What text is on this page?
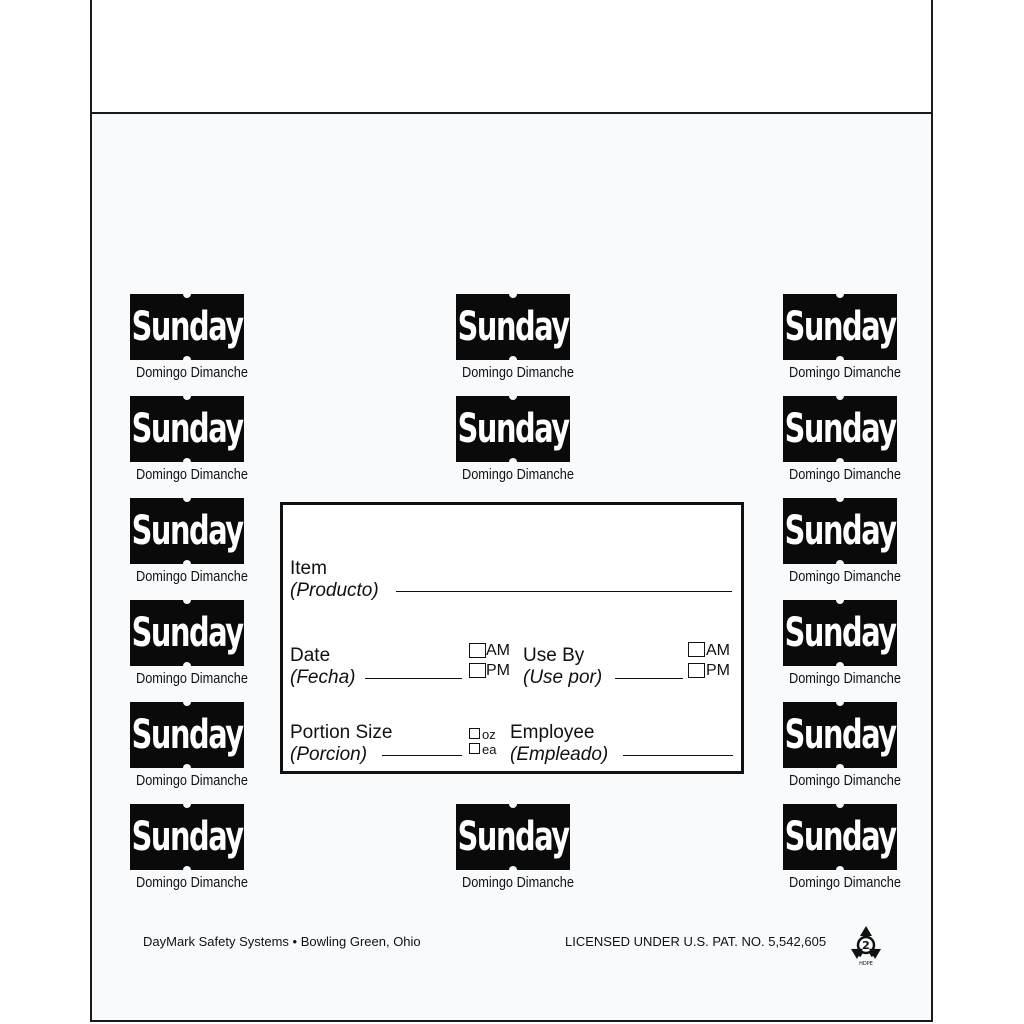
Sunday
Domingo Dimanche
Sunday
Domingo Dimanche
Sunday
Domingo Dimanche
Sunday
Domingo Dimanche
Sunday
Domingo Dimanche
Sunday
Domingo Dimanche
Sunday
Domingo Dimanche
Sunday
Domingo Dimanche
Sunday
Domingo Dimanche
Sunday
Domingo Dimanche
Sunday
Domingo Dimanche
Sunday
Domingo Dimanche
Sunday
Domingo Dimanche
Sunday
Domingo Dimanche
Sunday
Domingo Dimanche
Item
(Producto)
Date
(Fecha)
AM
PM
Use By
(Use por)
AM
PM
Portion Size
(Porcion)
oz
ea
Employee
(Empleado)
DayMark Safety Systems • Bowling Green, Ohio	LICENSED UNDER U.S. PAT. NO. 5,542,605	2
HDPE
